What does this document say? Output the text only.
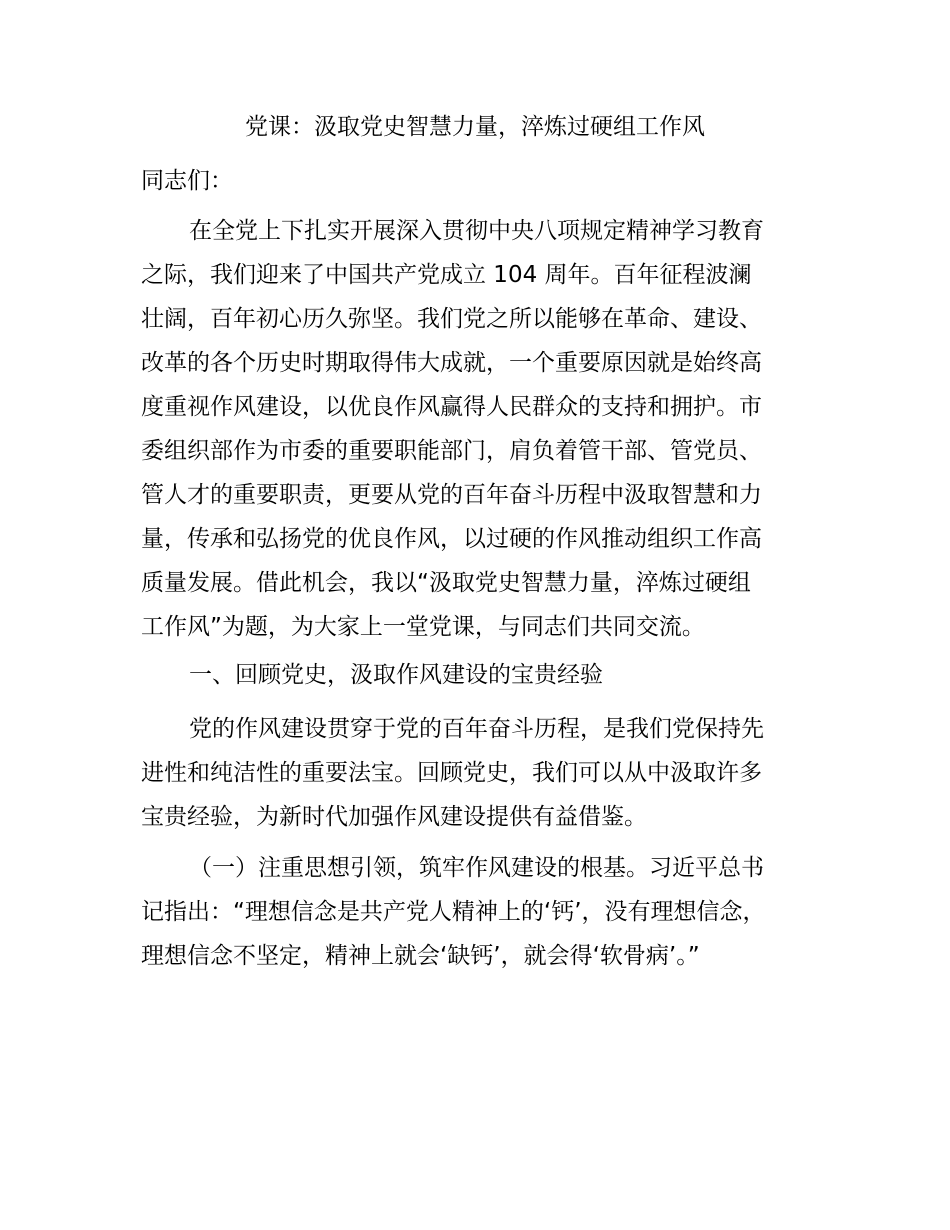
党课：汲取党史智慧力量，淬炼过硬组工作风
同志们：
在全党上下扎实开展深入贯彻中央八项规定精神学习教育
之际，我们迎来了中国共产党成立 104 周年。百年征程波澜
壮阔，百年初心历久弥坚。我们党之所以能够在革命、建设、
改革的各个历史时期取得伟大成就，一个重要原因就是始终高
度重视作风建设，以优良作风赢得人民群众的支持和拥护。市
委组织部作为市委的重要职能部门，肩负着管干部、管党员、
管人才的重要职责，更要从党的百年奋斗历程中汲取智慧和力
量，传承和弘扬党的优良作风，以过硬的作风推动组织工作高
质量发展。借此机会，我以“汲取党史智慧力量，淬炼过硬组
工作风”为题，为大家上一堂党课，与同志们共同交流。
一、回顾党史，汲取作风建设的宝贵经验
党的作风建设贯穿于党的百年奋斗历程，是我们党保持先
进性和纯洁性的重要法宝。回顾党史，我们可以从中汲取许多
宝贵经验，为新时代加强作风建设提供有益借鉴。
（一）注重思想引领，筑牢作风建设的根基。习近平总书
记指出：“理想信念是共产党人精神上的‘钙’，没有理想信念，
理想信念不坚定，精神上就会‘缺钙’，就会得‘软骨病’。”
